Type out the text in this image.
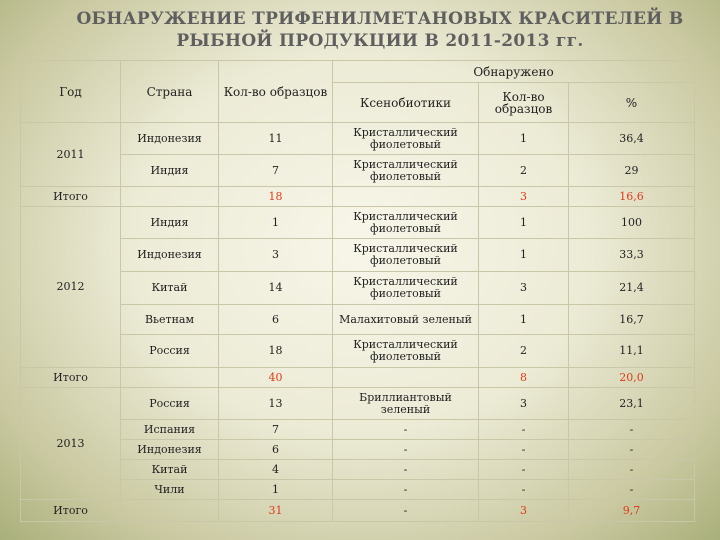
ОБНАРУЖЕНИЕ ТРИФЕНИЛМЕТАНОВЫХ КРАСИТЕЛЕЙ В
РЫБНОЙ ПРОДУКЦИИ В 2011-2013 гг.
Год	Страна	Кол-во образцов	Обнаружено		
			Ксенобиотики	Кол-во образцов	%
2011	Индонезия	11	Кристаллический фиолетовый	1	36,4
	Индия	7	Кристаллический фиолетовый	2	29
Итого		18		3	16,6
2012	Индия	1	Кристаллический фиолетовый	1	100
	Индонезия	3	Кристаллический фиолетовый	1	33,3
	Китай	14	Кристаллический фиолетовый	3	21,4
	Вьетнам	6	Малахитовый зеленый	1	16,7
	Россия	18	Кристаллический фиолетовый	2	11,1
Итого		40		8	20,0
2013	Россия	13	Бриллиантовый зеленый	3	23,1
	Испания	7	-	-	-
	Индонезия	6	-	-	-
	Китай	4	-	-	-
	Чили	1	-	-	-
Итого		31	-	3	9,7
